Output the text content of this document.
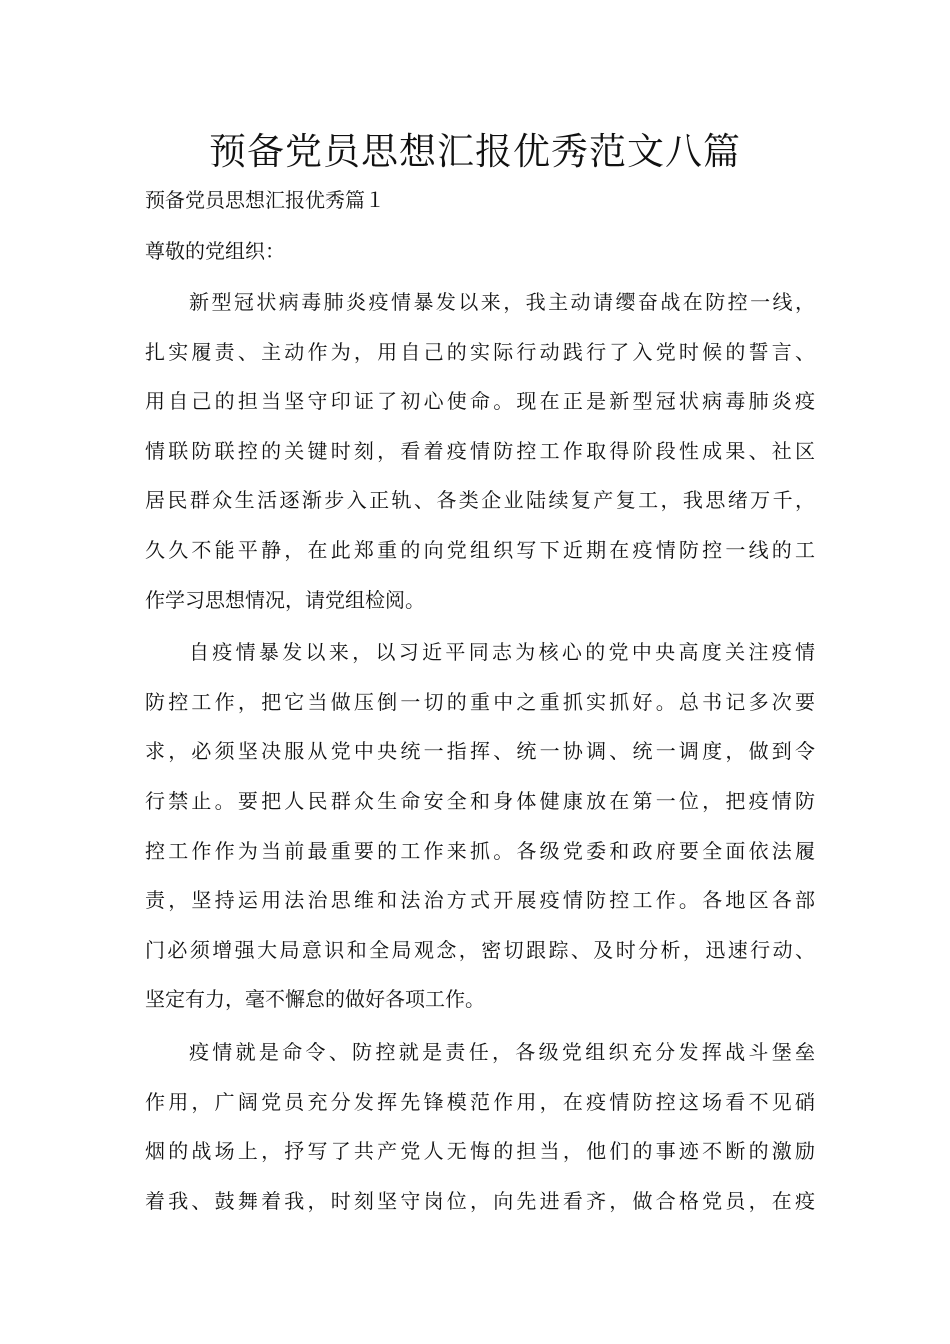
预备党员思想汇报优秀范文八篇

预备党员思想汇报优秀篇１

尊敬的党组织：

新型冠状病毒肺炎疫情暴发以来，我主动请缨奋战在防控一线，
扎实履责、主动作为，用自己的实际行动践行了入党时候的誓言、
用自己的担当坚守印证了初心使命。现在正是新型冠状病毒肺炎疫
情联防联控的关键时刻，看着疫情防控工作取得阶段性成果、社区
居民群众生活逐渐步入正轨、各类企业陆续复产复工，我思绪万千，
久久不能平静，在此郑重的向党组织写下近期在疫情防控一线的工
作学习思想情况，请党组检阅。

自疫情暴发以来，以习近平同志为核心的党中央高度关注疫情
防控工作，把它当做压倒一切的重中之重抓实抓好。总书记多次要
求，必须坚决服从党中央统一指挥、统一协调、统一调度，做到令
行禁止。要把人民群众生命安全和身体健康放在第一位，把疫情防
控工作作为当前最重要的工作来抓。各级党委和政府要全面依法履
责，坚持运用法治思维和法治方式开展疫情防控工作。各地区各部
门必须增强大局意识和全局观念，密切跟踪、及时分析，迅速行动、
坚定有力，毫不懈怠的做好各项工作。

疫情就是命令、防控就是责任，各级党组织充分发挥战斗堡垒
作用，广阔党员充分发挥先锋模范作用，在疫情防控这场看不见硝
烟的战场上，抒写了共产党人无悔的担当，他们的事迹不断的激励
着我、鼓舞着我，时刻坚守岗位，向先进看齐，做合格党员，在疫
